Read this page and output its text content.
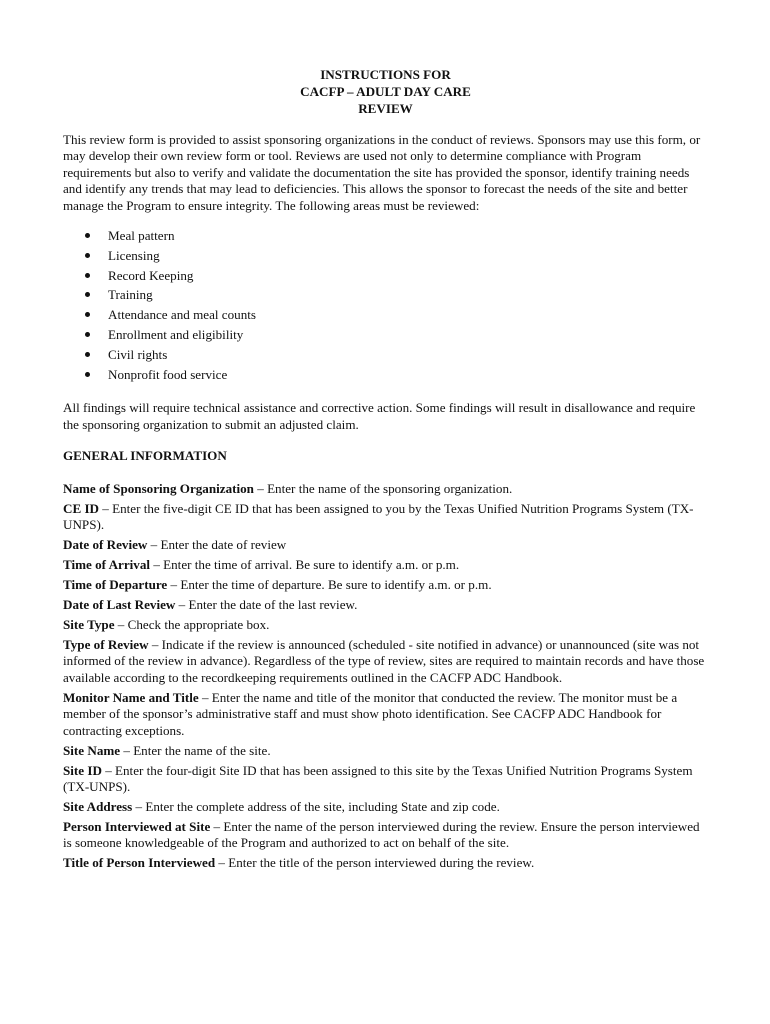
INSTRUCTIONS FOR
CACFP – ADULT DAY CARE
REVIEW

This review form is provided to assist sponsoring organizations in the conduct of reviews. Sponsors may use this form, or may develop their own review form or tool. Reviews are used not only to determine compliance with Program requirements but also to verify and validate the documentation the site has provided the sponsor, identify training needs and identify any trends that may lead to deficiencies. This allows the sponsor to forecast the needs of the site and better manage the Program to ensure integrity. The following areas must be reviewed:

Meal pattern
Licensing
Record Keeping
Training
Attendance and meal counts
Enrollment and eligibility
Civil rights
Nonprofit food service

All findings will require technical assistance and corrective action. Some findings will result in disallowance and require the sponsoring organization to submit an adjusted claim.

GENERAL INFORMATION
Name of Sponsoring Organization – Enter the name of the sponsoring organization.
CE ID – Enter the five-digit CE ID that has been assigned to you by the Texas Unified Nutrition Programs System (TX-UNPS).
Date of Review – Enter the date of review
Time of Arrival – Enter the time of arrival. Be sure to identify a.m. or p.m.
Time of Departure – Enter the time of departure. Be sure to identify a.m. or p.m.
Date of Last Review – Enter the date of the last review.
Site Type – Check the appropriate box.
Type of Review – Indicate if the review is announced (scheduled - site notified in advance) or unannounced (site was not informed of the review in advance). Regardless of the type of review, sites are required to maintain records and have those available according to the recordkeeping requirements outlined in the CACFP ADC Handbook.
Monitor Name and Title – Enter the name and title of the monitor that conducted the review. The monitor must be a member of the sponsor’s administrative staff and must show photo identification. See CACFP ADC Handbook for contracting exceptions.
Site Name – Enter the name of the site.
Site ID – Enter the four-digit Site ID that has been assigned to this site by the Texas Unified Nutrition Programs System (TX-UNPS).
Site Address – Enter the complete address of the site, including State and zip code.
Person Interviewed at Site – Enter the name of the person interviewed during the review. Ensure the person interviewed is someone knowledgeable of the Program and authorized to act on behalf of the site.
Title of Person Interviewed – Enter the title of the person interviewed during the review.
